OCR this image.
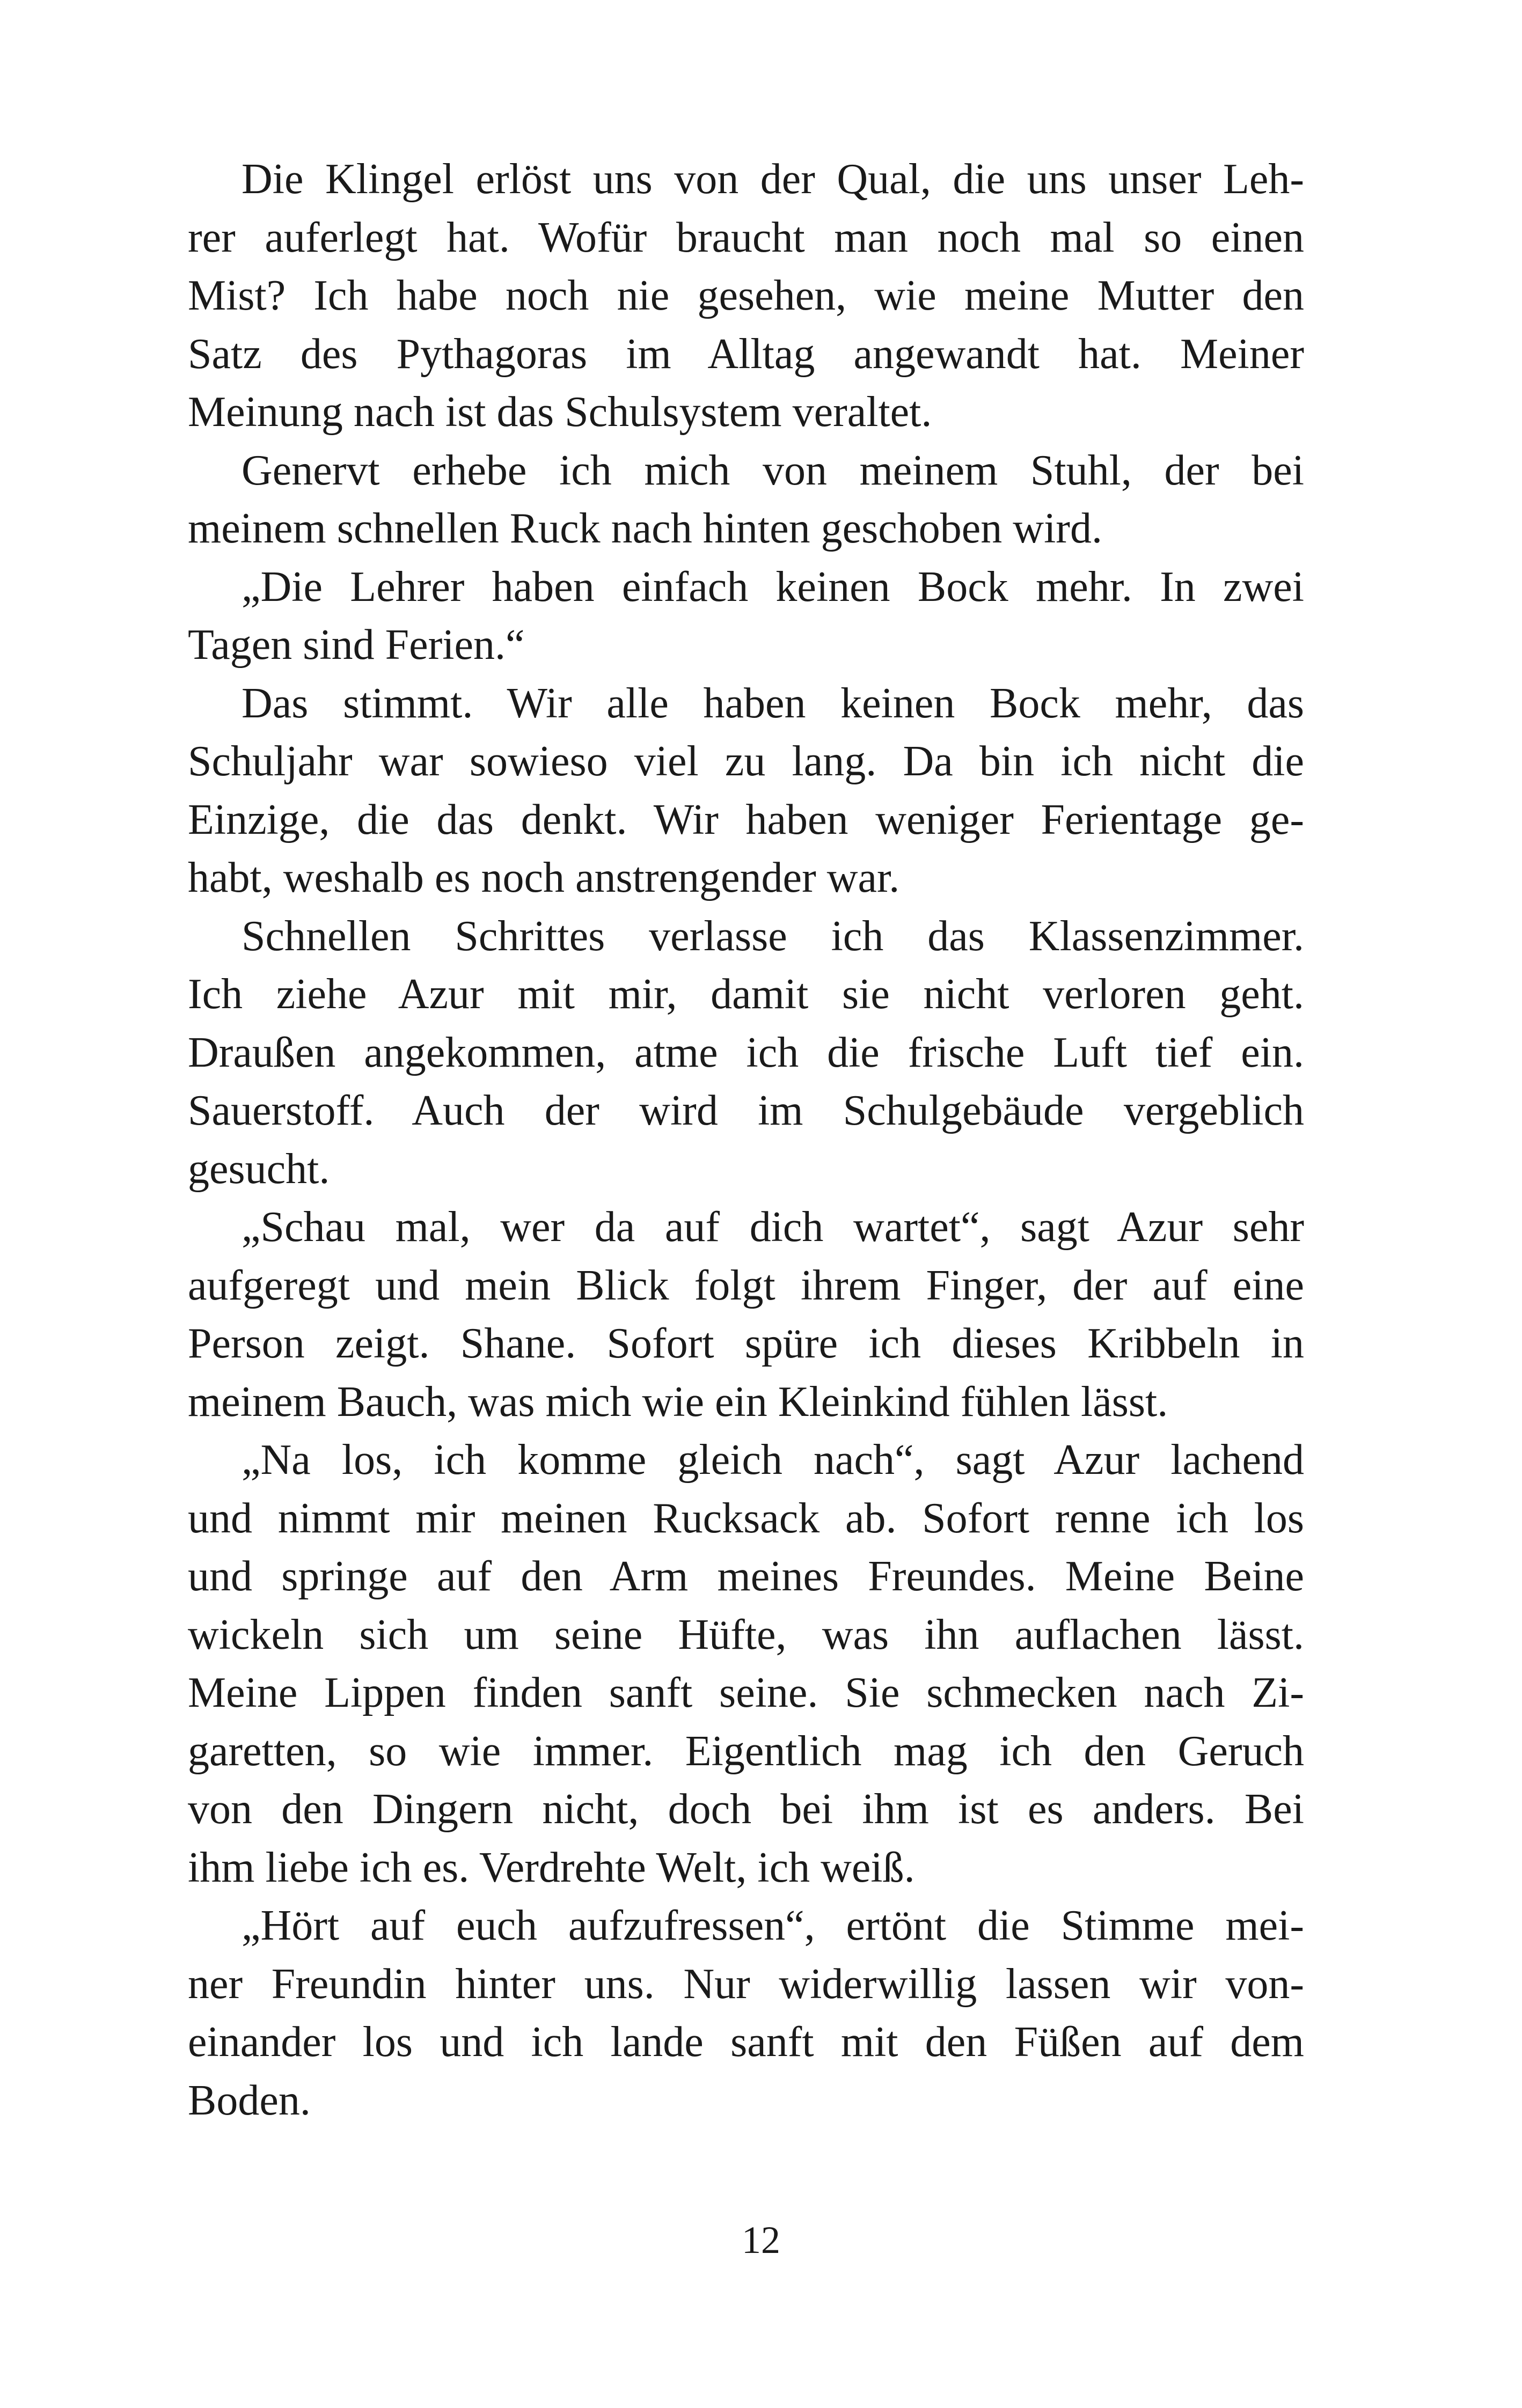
Die Klingel erlöst uns von der Qual, die uns unser Leh-
rer auferlegt hat. Wofür braucht man noch mal so einen
Mist? Ich habe noch nie gesehen, wie meine Mutter den
Satz des Pythagoras im Alltag angewandt hat. Meiner
Meinung nach ist das Schulsystem veraltet.

Genervt erhebe ich mich von meinem Stuhl, der bei
meinem schnellen Ruck nach hinten geschoben wird.

„Die Lehrer haben einfach keinen Bock mehr. In zwei
Tagen sind Ferien.“

Das stimmt. Wir alle haben keinen Bock mehr, das
Schuljahr war sowieso viel zu lang. Da bin ich nicht die
Einzige, die das denkt. Wir haben weniger Ferientage ge-
habt, weshalb es noch anstrengender war.

Schnellen Schrittes verlasse ich das Klassenzimmer.
Ich ziehe Azur mit mir, damit sie nicht verloren geht.
Draußen angekommen, atme ich die frische Luft tief ein.
Sauerstoff. Auch der wird im Schulgebäude vergeblich
gesucht.

„Schau mal, wer da auf dich wartet“, sagt Azur sehr
aufgeregt und mein Blick folgt ihrem Finger, der auf eine
Person zeigt. Shane. Sofort spüre ich dieses Kribbeln in
meinem Bauch, was mich wie ein Kleinkind fühlen lässt.

„Na los, ich komme gleich nach“, sagt Azur lachend
und nimmt mir meinen Rucksack ab. Sofort renne ich los
und springe auf den Arm meines Freundes. Meine Beine
wickeln sich um seine Hüfte, was ihn auflachen lässt.
Meine Lippen finden sanft seine. Sie schmecken nach Zi-
garetten, so wie immer. Eigentlich mag ich den Geruch
von den Dingern nicht, doch bei ihm ist es anders. Bei
ihm liebe ich es. Verdrehte Welt, ich weiß.

„Hört auf euch aufzufressen“, ertönt die Stimme mei-
ner Freundin hinter uns. Nur widerwillig lassen wir von-
einander los und ich lande sanft mit den Füßen auf dem
Boden.

12
